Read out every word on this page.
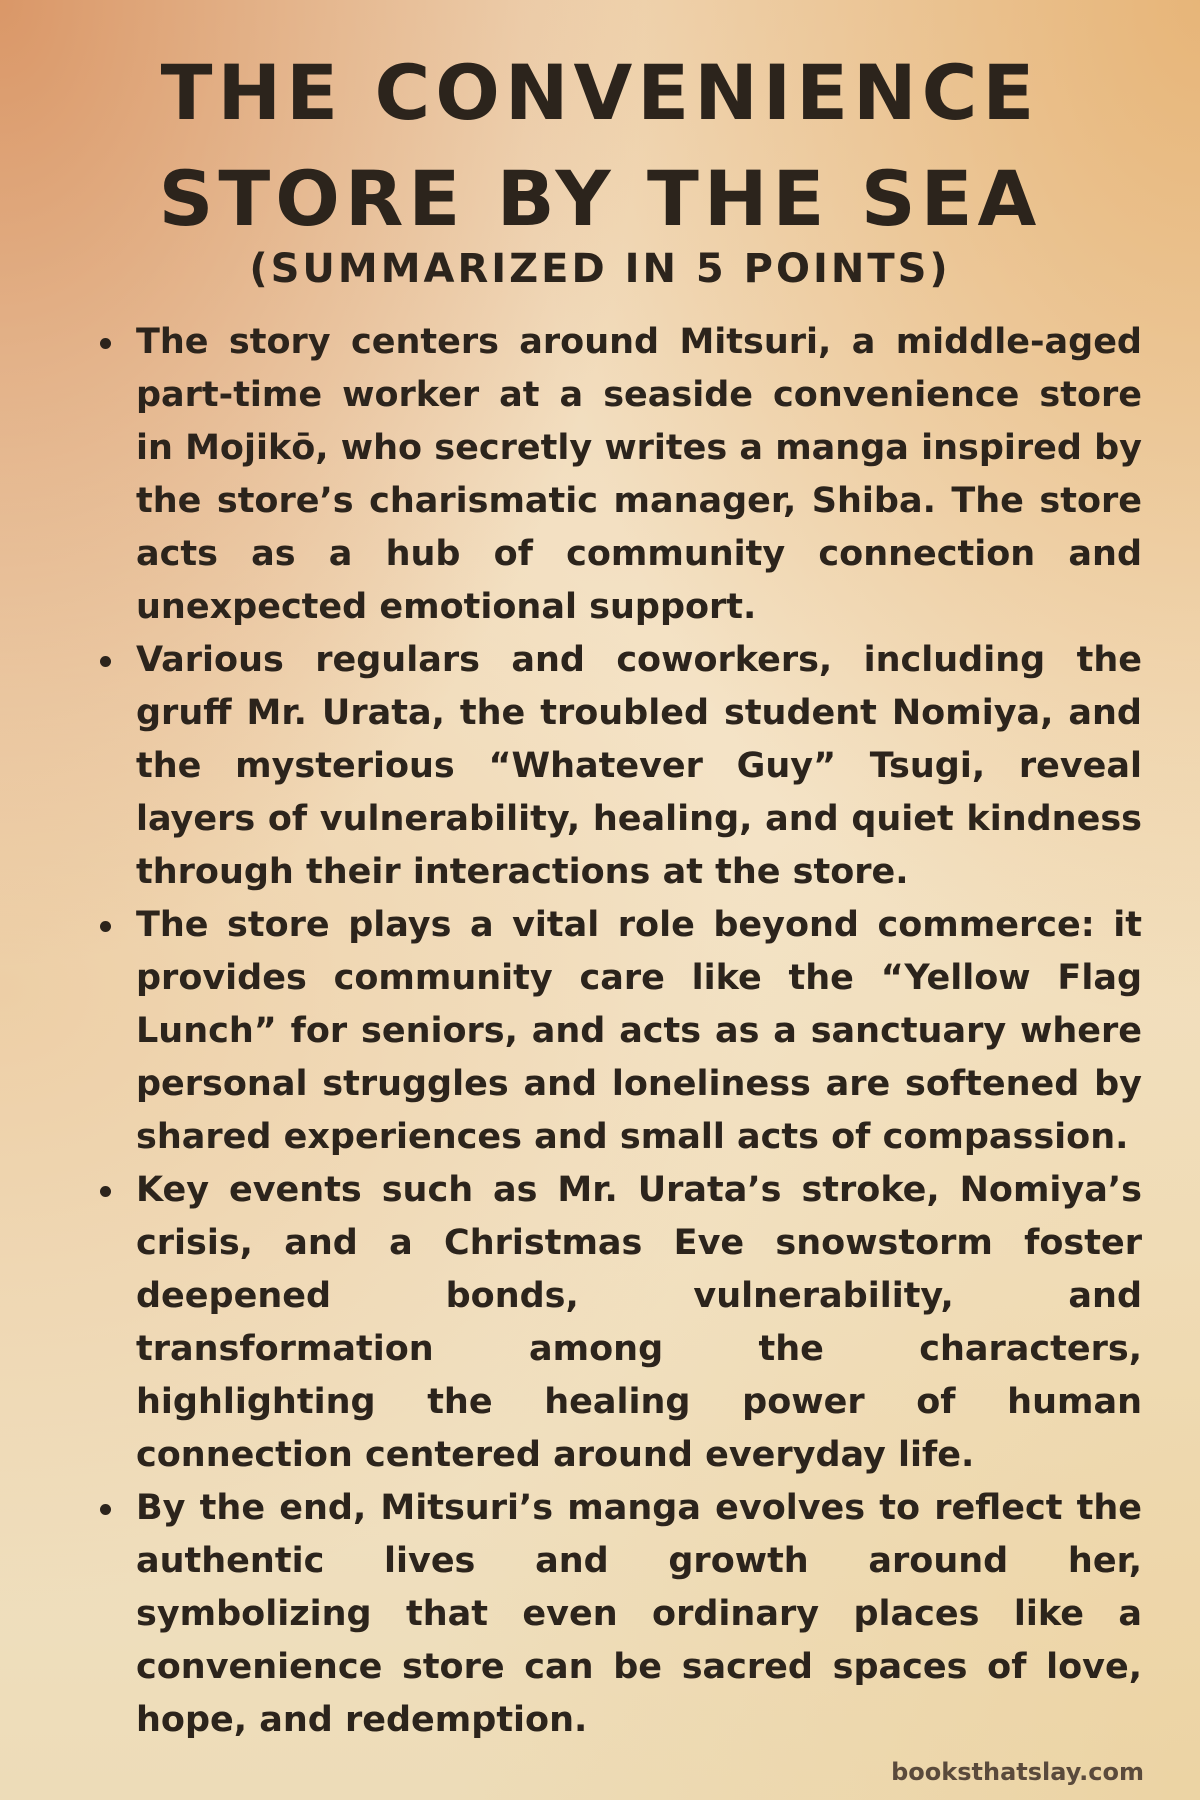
THE CONVENIENCE
STORE BY THE SEA
(SUMMARIZED IN 5 POINTS)
The story centers around Mitsuri, a middle-aged part-time worker at a seaside convenience store in Mojikō, who secretly writes a manga inspired by the store’s charismatic manager, Shiba. The store acts as a hub of community connection and unexpected emotional support.
Various regulars and coworkers, including the gruff Mr. Urata, the troubled student Nomiya, and the mysterious “Whatever Guy” Tsugi, reveal layers of vulnerability, healing, and quiet kindness through their interactions at the store.
The store plays a vital role beyond commerce: it provides community care like the “Yellow Flag Lunch” for seniors, and acts as a sanctuary where personal struggles and loneliness are softened by shared experiences and small acts of compassion.
Key events such as Mr. Urata’s stroke, Nomiya’s crisis, and a Christmas Eve snowstorm foster deepened bonds, vulnerability, and transformation among the characters, highlighting the healing power of human connection centered around everyday life.
By the end, Mitsuri’s manga evolves to reflect the authentic lives and growth around her, symbolizing that even ordinary places like a convenience store can be sacred spaces of love, hope, and redemption.
booksthatslay.com
